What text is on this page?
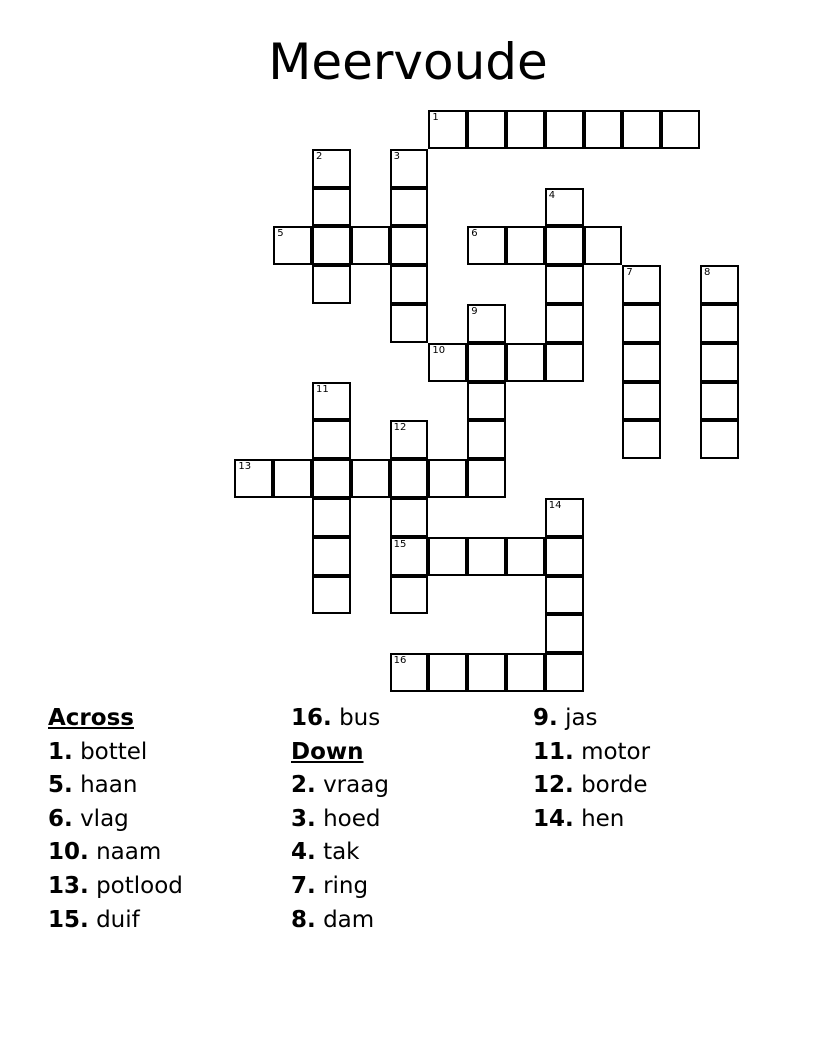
Meervoude
1
2	3
4
5	6
7	8
9
10
11
12
13
14
15
16
Across
1. bottel
5. haan
6. vlag
10. naam
13. potlood
15. duif
16. bus
Down
2. vraag
3. hoed
4. tak
7. ring
8. dam
9. jas
11. motor
12. borde
14. hen
